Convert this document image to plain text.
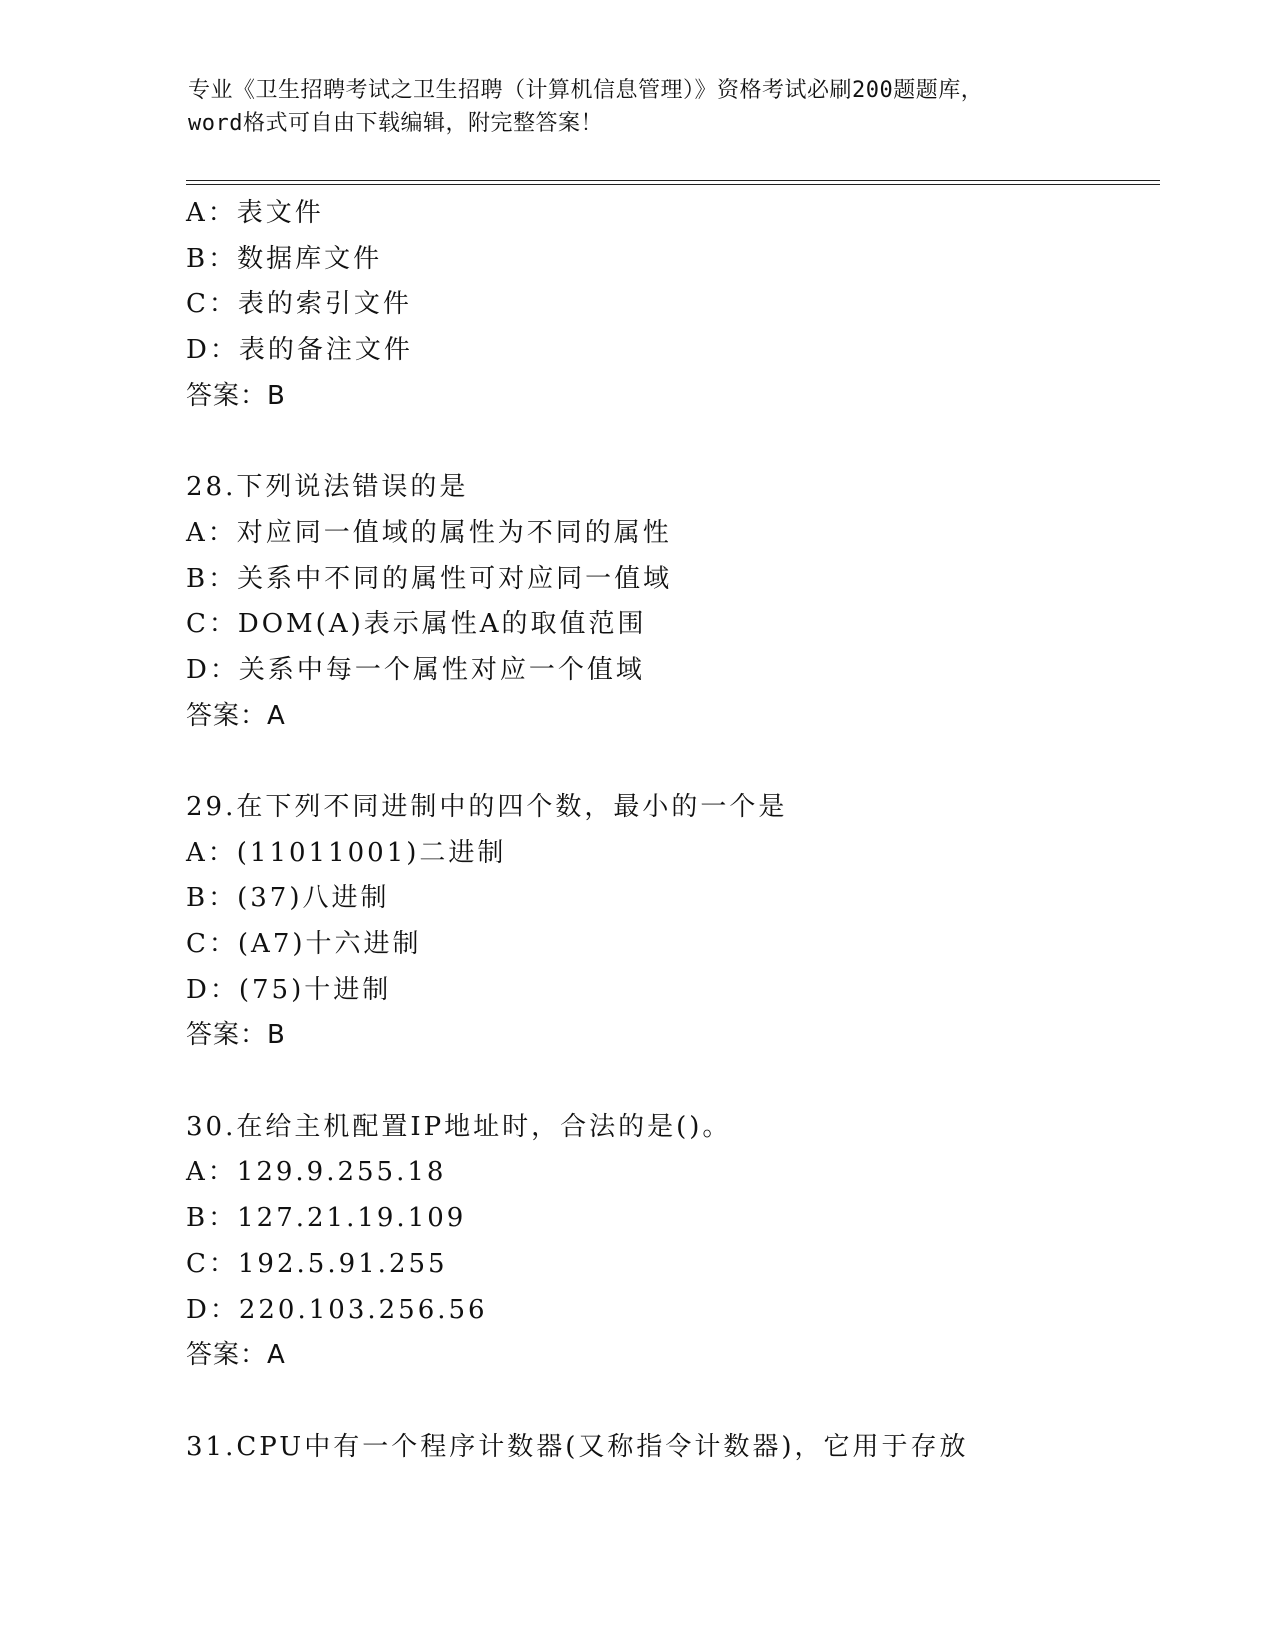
专业《卫生招聘考试之卫生招聘（计算机信息管理）》资格考试必刷200题题库，
word格式可自由下载编辑，附完整答案！
A：表文件
B：数据库文件
C：表的索引文件
D：表的备注文件
答案：B
28.下列说法错误的是
A：对应同一值域的属性为不同的属性
B：关系中不同的属性可对应同一值域
C：DOM(A)表示属性A的取值范围
D：关系中每一个属性对应一个值域
答案：A
29.在下列不同进制中的四个数，最小的一个是
A：(11011001)二进制
B：(37)八进制
C：(A7)十六进制
D：(75)十进制
答案：B
30.在给主机配置IP地址时，合法的是()。
A：129.9.255.18
B：127.21.19.109
C：192.5.91.255
D：220.103.256.56
答案：A
31.CPU中有一个程序计数器(又称指令计数器)，它用于存放
